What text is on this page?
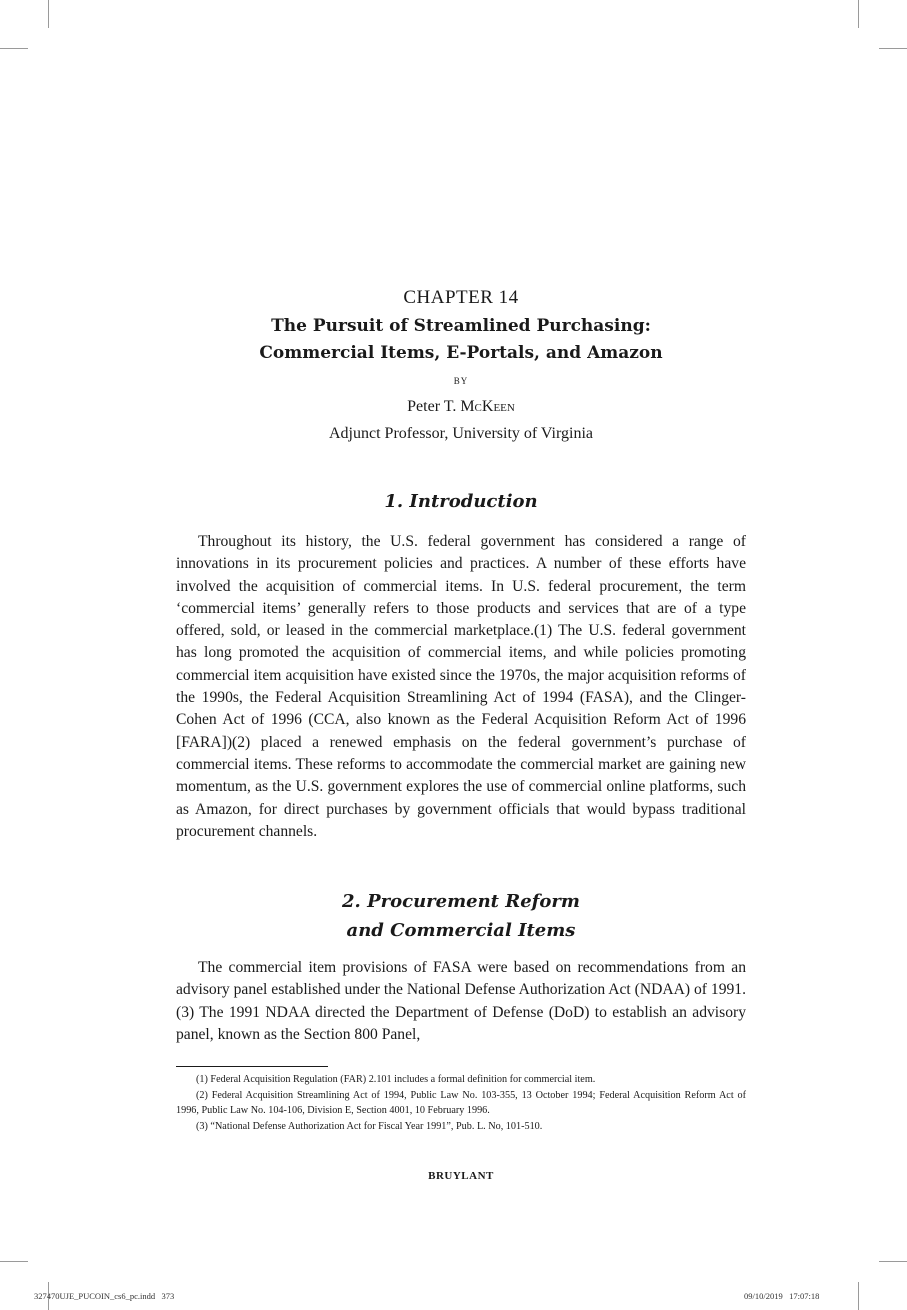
CHAPTER 14
The Pursuit of Streamlined Purchasing:
Commercial Items, E-Portals, and Amazon
BY
Peter T. McKeen
Adjunct Professor, University of Virginia
1. Introduction

Throughout its history, the U.S. federal government has considered a range of innovations in its procurement policies and practices. A number of these efforts have involved the acquisition of commercial items. In U.S. federal procurement, the term ‘commercial items’ generally refers to those products and services that are of a type offered, sold, or leased in the commercial marketplace.(1) The U.S. federal government has long promoted the acquisition of commercial items, and while policies promoting commercial item acquisition have existed since the 1970s, the major acquisition reforms of the 1990s, the Federal Acquisition Streamlining Act of 1994 (FASA), and the Clinger-Cohen Act of 1996 (CCA, also known as the Federal Acquisition Reform Act of 1996 [FARA])(2) placed a renewed emphasis on the federal government’s purchase of commercial items. These reforms to accommodate the commercial market are gaining new momentum, as the U.S. government explores the use of commercial online platforms, such as Amazon, for direct purchases by government officials that would bypass traditional procurement channels.

2. Procurement Reform
and Commercial Items

The commercial item provisions of FASA were based on recommendations from an advisory panel established under the National Defense Authorization Act (NDAA) of 1991.(3) The 1991 NDAA directed the Department of Defense (DoD) to establish an advisory panel, known as the Section 800 Panel,

(1) Federal Acquisition Regulation (FAR) 2.101 includes a formal definition for commercial item.

(2) Federal Acquisition Streamlining Act of 1994, Public Law No. 103-355, 13 October 1994; Federal Acquisition Reform Act of 1996, Public Law No. 104-106, Division E, Section 4001, 10 February 1996.

(3) “National Defense Authorization Act for Fiscal Year 1991”, Pub. L. No, 101-510.

BRUYLANT
327470UJE_PUCOIN_cs6_pc.indd   373	09/10/2019   17:07:18
